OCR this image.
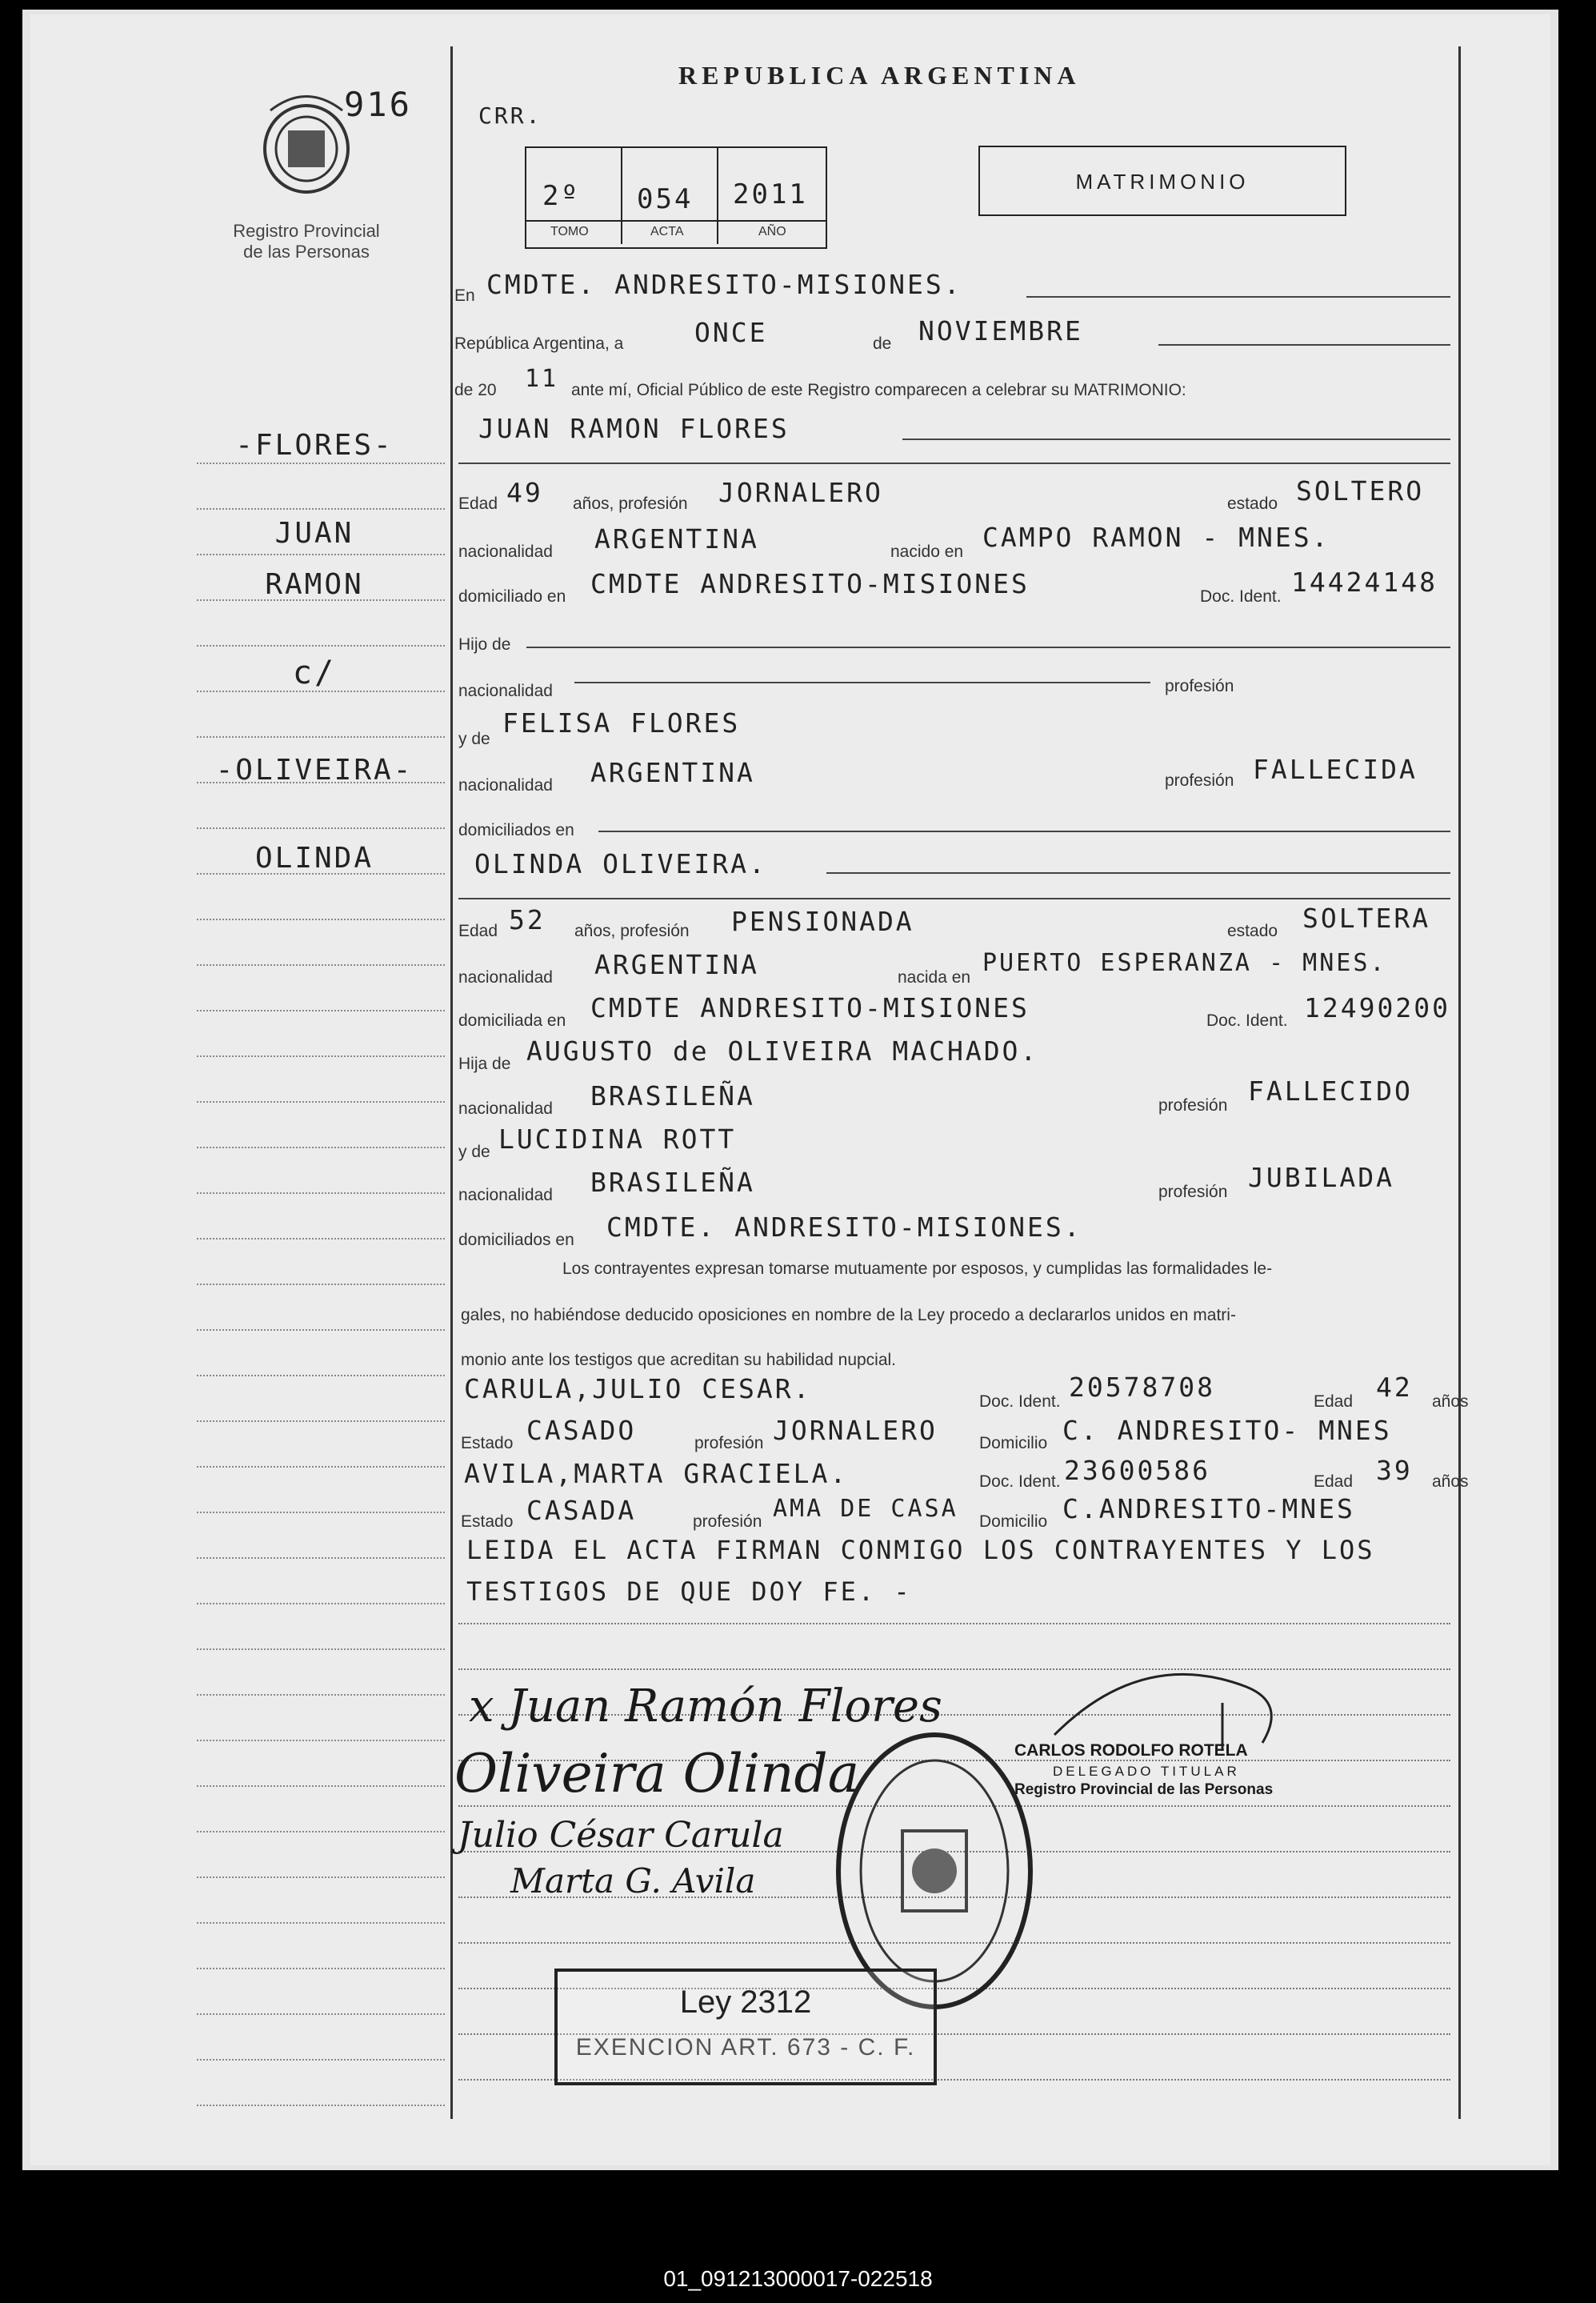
916
Registro Provincial
de las Personas
REPUBLICA ARGENTINA
CRR.
2º 054 2011
TOMO	ACTA	AÑO
MATRIMONIO
-FLORES-
JUAN
RAMON
c/
-OLIVEIRA-
OLINDA
En CMDTE. ANDRESITO-MISIONES.
República Argentina, a	ONCE	de NOVIEMBRE
de 20 11 ante mí, Oficial Público de este Registro comparecen a celebrar su MATRIMONIO:
JUAN RAMON FLORES
Edad 49 años, profesión JORNALERO	estado SOLTERO
nacionalidad ARGENTINA	nacido en CAMPO RAMON - MNES.
domiciliado en CMDTE ANDRESITO-MISIONES	Doc. Ident. 14424148
Hijo de
nacionalidad	profesión
y de
FELISA FLORES
nacionalidad ARGENTINA	profesión FALLECIDA
domiciliados en
OLINDA OLIVEIRA.
Edad 52 años, profesión PENSIONADA	estado SOLTERA
nacionalidad ARGENTINA	nacida en
PUERTO ESPERANZA - MNES.
domiciliada en CMDTE ANDRESITO-MISIONES	Doc. Ident. 12490200
Hija de AUGUSTO de OLIVEIRA MACHADO.
nacionalidad BRASILEÑA	profesión FALLECIDO
y de LUCIDINA ROTT
nacionalidad BRASILEÑA	profesión JUBILADA
domiciliados en CMDTE. ANDRESITO-MISIONES.
Los contrayentes expresan tomarse mutuamente por esposos, y cumplidas las formalidades le-
gales, no habiéndose deducido oposiciones en nombre de la Ley procedo a declararlos unidos en matri-
monio ante los testigos que acreditan su habilidad nupcial.
CARULA,JULIO CESAR.	Doc. Ident. 20578708	Edad 42 años
Estado CASADO	profesión JORNALERO Domicilio C. ANDRESITO- MNES
AVILA,MARTA GRACIELA.	Doc. Ident. 23600586	Edad 39 años
Estado CASADA	profesión AMA DE CASA Domicilio C.ANDRESITO-MNES
LEIDA EL ACTA FIRMAN CONMIGO LOS CONTRAYENTES Y LOS
TESTIGOS DE QUE DOY FE. -
x Juan Ramón Flores
Oliveira Olinda
Julio César Carula
Marta G. Avila
CARLOS RODOLFO ROTELA
DELEGADO TITULAR
Registro Provincial de las Personas
Ley 2312
EXENCION ART. 673 - C. F.
01_091213000017-022518
